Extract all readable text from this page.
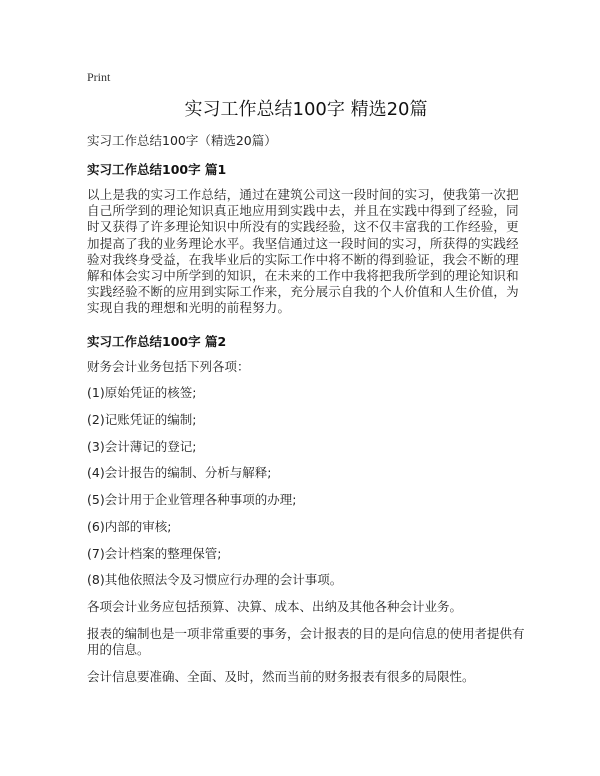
Print
实习工作总结100字 精选20篇
实习工作总结100字（精选20篇）
实习工作总结100字 篇1

以上是我的实习工作总结，通过在建筑公司这一段时间的实习，使我第一次把自己所学到的理论知识真正地应用到实践中去，并且在实践中得到了经验，同时又获得了许多理论知识中所没有的实践经验，这不仅丰富我的工作经验，更加提高了我的业务理论水平。我坚信通过这一段时间的实习，所获得的实践经验对我终身受益，在我毕业后的实际工作中将不断的得到验证，我会不断的理解和体会实习中所学到的知识，在未来的工作中我将把我所学到的理论知识和实践经验不断的应用到实际工作来，充分展示自我的个人价值和人生价值，为实现自我的理想和光明的前程努力。

实习工作总结100字 篇2

财务会计业务包括下列各项：

(1)原始凭证的核签;

(2)记账凭证的编制;

(3)会计薄记的登记;

(4)会计报告的编制、分析与解释;

(5)会计用于企业管理各种事项的办理;

(6)内部的审核;

(7)会计档案的整理保管;

(8)其他依照法令及习惯应行办理的会计事项。

各项会计业务应包括预算、决算、成本、出纳及其他各种会计业务。

报表的编制也是一项非常重要的事务，会计报表的目的是向信息的使用者提供有用的信息。

会计信息要准确、全面、及时，然而当前的财务报表有很多的局限性。
